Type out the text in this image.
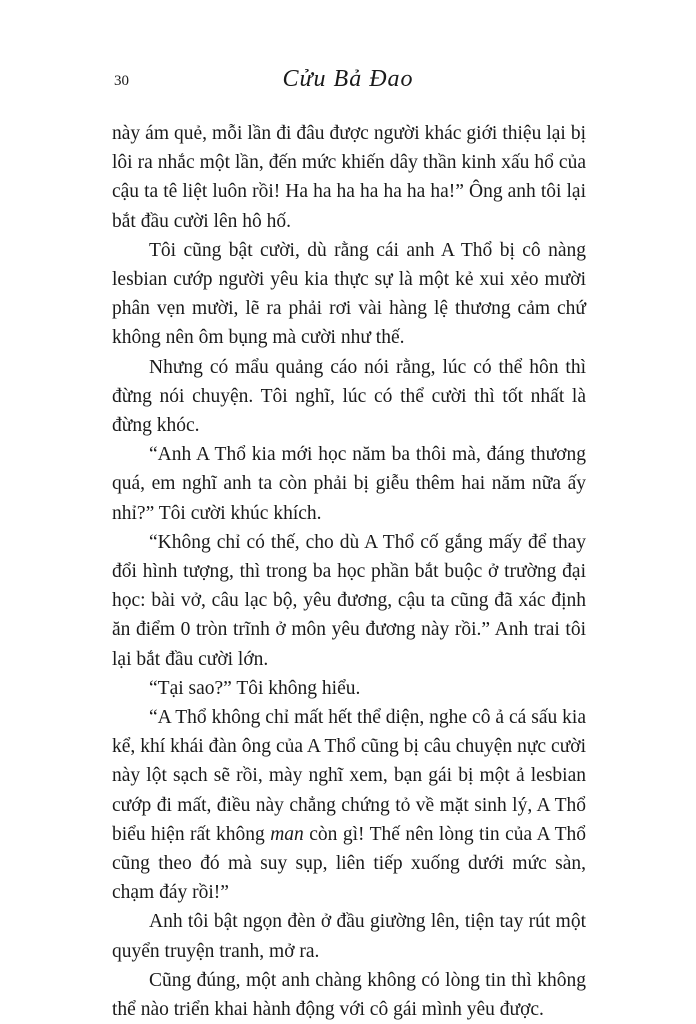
30	Cửu Bả Đao

này ám quẻ, mỗi lần đi đâu được người khác giới thiệu lại bị lôi ra nhắc một lần, đến mức khiến dây thần kinh xấu hổ của cậu ta tê liệt luôn rồi! Ha ha ha ha ha ha ha!” Ông anh tôi lại bắt đầu cười lên hô hố.

Tôi cũng bật cười, dù rằng cái anh A Thổ bị cô nàng lesbian cướp người yêu kia thực sự là một kẻ xui xẻo mười phân vẹn mười, lẽ ra phải rơi vài hàng lệ thương cảm chứ không nên ôm bụng mà cười như thế.

Nhưng có mẩu quảng cáo nói rằng, lúc có thể hôn thì đừng nói chuyện. Tôi nghĩ, lúc có thể cười thì tốt nhất là đừng khóc.

“Anh A Thổ kia mới học năm ba thôi mà, đáng thương quá, em nghĩ anh ta còn phải bị giễu thêm hai năm nữa ấy nhỉ?” Tôi cười khúc khích.

“Không chỉ có thế, cho dù A Thổ cố gắng mấy để thay đổi hình tượng, thì trong ba học phần bắt buộc ở trường đại học: bài vở, câu lạc bộ, yêu đương, cậu ta cũng đã xác định ăn điểm 0 tròn trĩnh ở môn yêu đương này rồi.” Anh trai tôi lại bắt đầu cười lớn.

“Tại sao?” Tôi không hiểu.

“A Thổ không chỉ mất hết thể diện, nghe cô ả cá sấu kia kể, khí khái đàn ông của A Thổ cũng bị câu chuyện nực cười này lột sạch sẽ rồi, mày nghĩ xem, bạn gái bị một ả lesbian cướp đi mất, điều này chẳng chứng tỏ về mặt sinh lý, A Thổ biểu hiện rất không man còn gì! Thế nên lòng tin của A Thổ cũng theo đó mà suy sụp, liên tiếp xuống dưới mức sàn, chạm đáy rồi!”

Anh tôi bật ngọn đèn ở đầu giường lên, tiện tay rút một quyển truyện tranh, mở ra.

Cũng đúng, một anh chàng không có lòng tin thì không thể nào triển khai hành động với cô gái mình yêu được.
